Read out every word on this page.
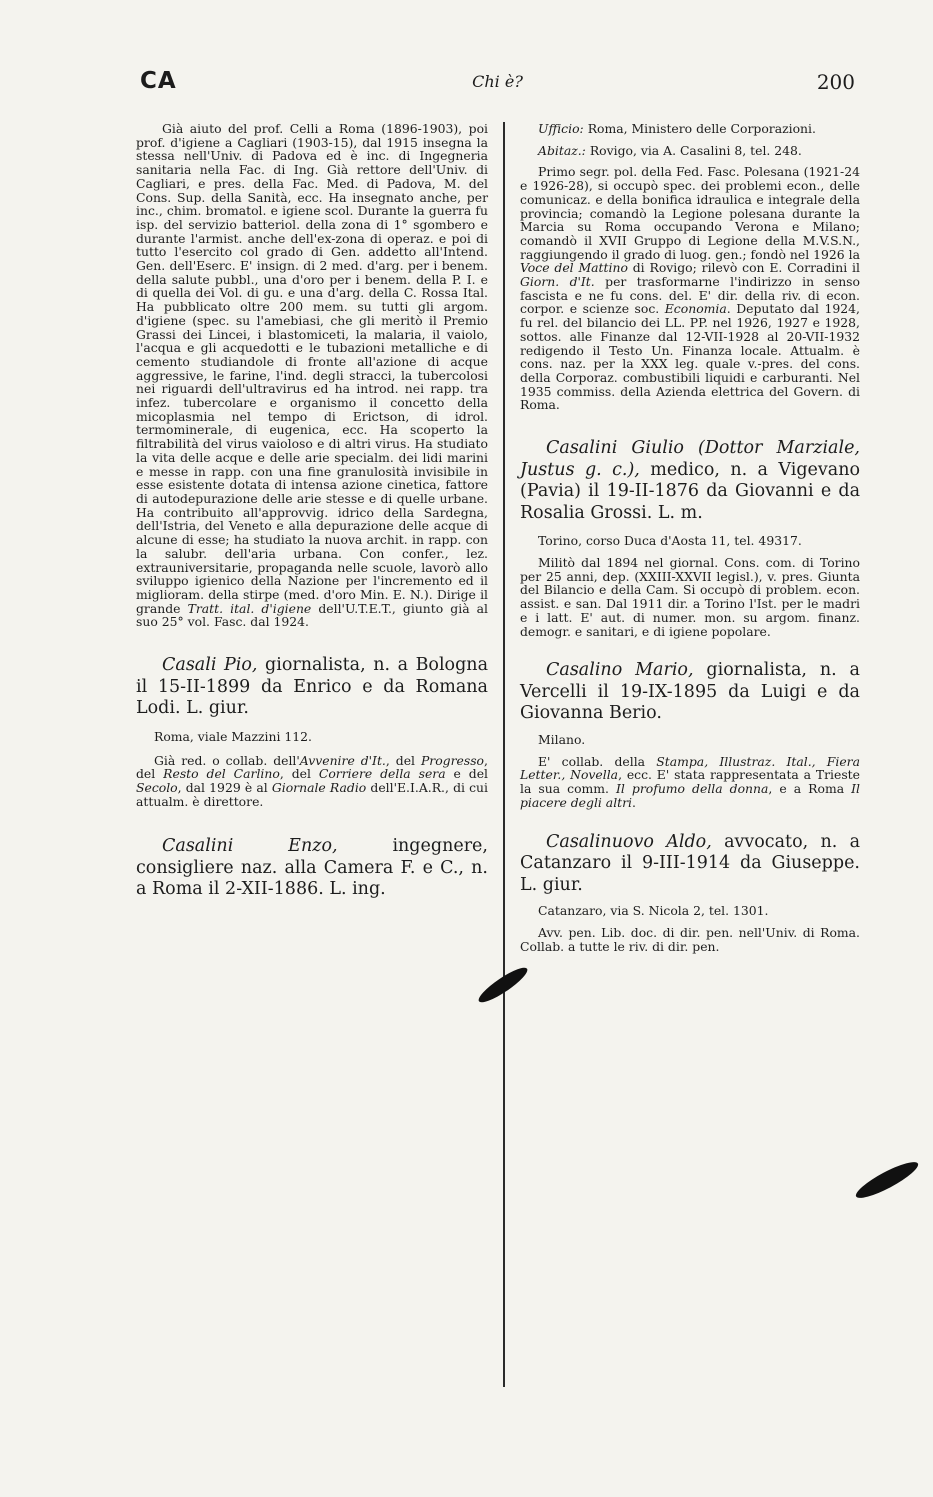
CA	Chi è?	200

Già aiuto del prof. Celli a Roma (1896-1903), poi prof. d'igiene a Cagliari (1903-15), dal 1915 insegna la stessa nell'Univ. di Padova ed è inc. di Ingegneria sanitaria nella Fac. di Ing. Già rettore dell'Univ. di Cagliari, e pres. della Fac. Med. di Padova, M. del Cons. Sup. della Sanità, ecc. Ha insegnato anche, per inc., chim. bromatol. e igiene scol. Durante la guerra fu isp. del servizio batteriol. della zona di 1° sgombero e durante l'armist. anche dell'ex-zona di operaz. e poi di tutto l'esercito col grado di Gen. addetto all'Intend. Gen. dell'Eserc. E' insign. di 2 med. d'arg. per i benem. della salute pubbl., una d'oro per i benem. della P. I. e di quella dei Vol. di gu. e una d'arg. della C. Rossa Ital. Ha pubblicato oltre 200 mem. su tutti gli argom. d'igiene (spec. su l'amebiasi, che gli meritò il Premio Grassi dei Lincei, i blastomiceti, la malaria, il vaiolo, l'acqua e gli acquedotti e le tubazioni metalliche e di cemento studiandole di fronte all'azione di acque aggressive, le farine, l'ind. degli stracci, la tubercolosi nei riguardi dell'ultravirus ed ha introd. nei rapp. tra infez. tubercolare e organismo il concetto della micoplasmia nel tempo di Erictson, di idrol. termominerale, di eugenica, ecc. Ha scoperto la filtrabilità del virus vaioloso e di altri virus. Ha studiato la vita delle acque e delle arie specialm. dei lidi marini e messe in rapp. con una fine granulosità invisibile in esse esistente dotata di intensa azione cinetica, fattore di autodepurazione delle arie stesse e di quelle urbane. Ha contribuito all'approvvig. idrico della Sardegna, dell'Istria, del Veneto e alla depurazione delle acque di alcune di esse; ha studiato la nuova archit. in rapp. con la salubr. dell'aria urbana. Con confer., lez. extrauniversitarie, propaganda nelle scuole, lavorò allo sviluppo igienico della Nazione per l'incremento ed il miglioram. della stirpe (med. d'oro Min. E. N.). Dirige il grande Tratt. ital. d'igiene dell'U.T.E.T., giunto già al suo 25° vol. Fasc. dal 1924.

Casali Pio, giornalista, n. a Bologna il 15-II-1899 da Enrico e da Romana Lodi. L. giur.

Roma, viale Mazzini 112.

Già red. o collab. dell'Avvenire d'It., del Progresso, del Resto del Carlino, del Corriere della sera e del Secolo, dal 1929 è al Giornale Radio dell'E.I.A.R., di cui attualm. è direttore.

Casalini Enzo,	ingegnere, consigliere naz. alla Camera F. e C., n. a Roma il 2-XII-1886. L. ing.

Ufficio: Roma, Ministero delle Corporazioni.

Abitaz.: Rovigo, via A. Casalini 8, tel. 248.

Primo segr. pol. della Fed. Fasc. Polesana (1921-24 e 1926-28), si occupò spec. dei problemi econ., delle comunicaz. e della bonifica idraulica e integrale della provincia; comandò la Legione polesana durante la Marcia su Roma occupando Verona e Milano; comandò il XVII Gruppo di Legione della M.V.S.N., raggiungendo il grado di luog. gen.; fondò nel 1926 la Voce del Mattino di Rovigo; rilevò con E. Corradini il Giorn. d'It. per trasformarne l'indirizzo in senso fascista e ne fu cons. del. E' dir. della riv. di econ. corpor. e scienze soc. Economia. Deputato dal 1924, fu rel. del bilancio dei LL. PP. nel 1926, 1927 e 1928, sottos. alle Finanze dal 12-VII-1928 al 20-VII-1932 redigendo il Testo Un. Finanza locale. Attualm. è cons. naz. per la XXX leg. quale v.-pres. del cons. della Corporaz. combustibili liquidi e carburanti. Nel 1935 commiss. della Azienda elettrica del Govern. di Roma.

Casalini Giulio (Dottor Marziale, Justus g. c.), medico, n. a Vigevano (Pavia) il 19-II-1876 da Giovanni e da Rosalia Grossi. L. m.

Torino, corso Duca d'Aosta 11, tel. 49317.

Militò dal 1894 nel giornal. Cons. com. di Torino per 25 anni, dep. (XXIII-XXVII legisl.), v. pres. Giunta del Bilancio e della Cam. Si occupò di problem. econ. assist. e san. Dal 1911 dir. a Torino l'Ist. per le madri e i latt. E' aut. di numer. mon. su argom. finanz. demogr. e sanitari, e di igiene popolare.

Casalino Mario, giornalista, n. a Vercelli il 19-IX-1895 da Luigi e da Giovanna Berio.

Milano.

E' collab. della Stampa, Illustraz. Ital., Fiera Letter., Novella, ecc. E' stata rappresentata a Trieste la sua comm. Il profumo della donna, e a Roma Il piacere degli altri.

Casalinuovo Aldo, avvocato, n. a Catanzaro il 9-III-1914 da Giuseppe. L. giur.

Catanzaro, via S. Nicola 2, tel. 1301.

Avv. pen. Lib. doc. di dir. pen. nell'Univ. di Roma. Collab. a tutte le riv. di dir. pen.
